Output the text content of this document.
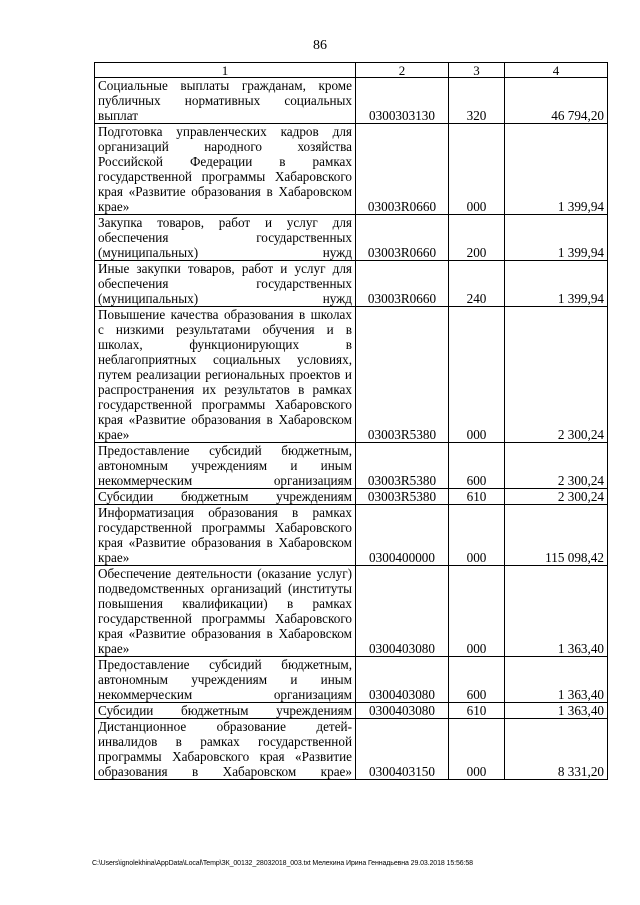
86
1	2	3	4
Социальные выплаты гражданам, кроме публичных нормативных социальных выплат	0300303130	320	46 794,20
Подготовка управленческих кадров для организаций народного хозяйства Российской Федерации в рамках государственной программы Хабаровского края «Развитие образования в Хабаровском крае»	03003R0660	000	1 399,94
Закупка товаров, работ и услуг для обеспечения государственных (муниципальных) нужд	03003R0660	200	1 399,94
Иные закупки товаров, работ и услуг для обеспечения государственных (муниципальных) нужд	03003R0660	240	1 399,94
Повышение качества образования в школах с низкими результатами обучения и в школах, функционирующих в неблагоприятных социальных условиях, путем реализации региональных проектов и распространения их результатов в рамках государственной программы Хабаровского края «Развитие образования в Хабаровском крае»	03003R5380	000	2 300,24
Предоставление субсидий бюджетным, автономным учреждениям и иным некоммерческим организациям	03003R5380	600	2 300,24
Субсидии бюджетным учреждениям	03003R5380	610	2 300,24
Информатизация образования в рамках государственной программы Хабаровского края «Развитие образования в Хабаровском крае»	0300400000	000	115 098,42
Обеспечение деятельности (оказание услуг) подведомственных организаций (институты повышения квалификации) в рамках государственной программы Хабаровского края «Развитие образования в Хабаровском крае»	0300403080	000	1 363,40
Предоставление субсидий бюджетным, автономным учреждениям и иным некоммерческим организациям	0300403080	600	1 363,40
Субсидии бюджетным учреждениям	0300403080	610	1 363,40
Дистанционное образование детей-инвалидов в рамках государственной программы Хабаровского края «Развитие образования в Хабаровском крае»	0300403150	000	8 331,20
C:\Users\ignolekhina\AppData\Local\Temp\ЗК_00132_28032018_003.txt Мелехина Ирина Геннадьевна 29.03.2018 15:56:58
